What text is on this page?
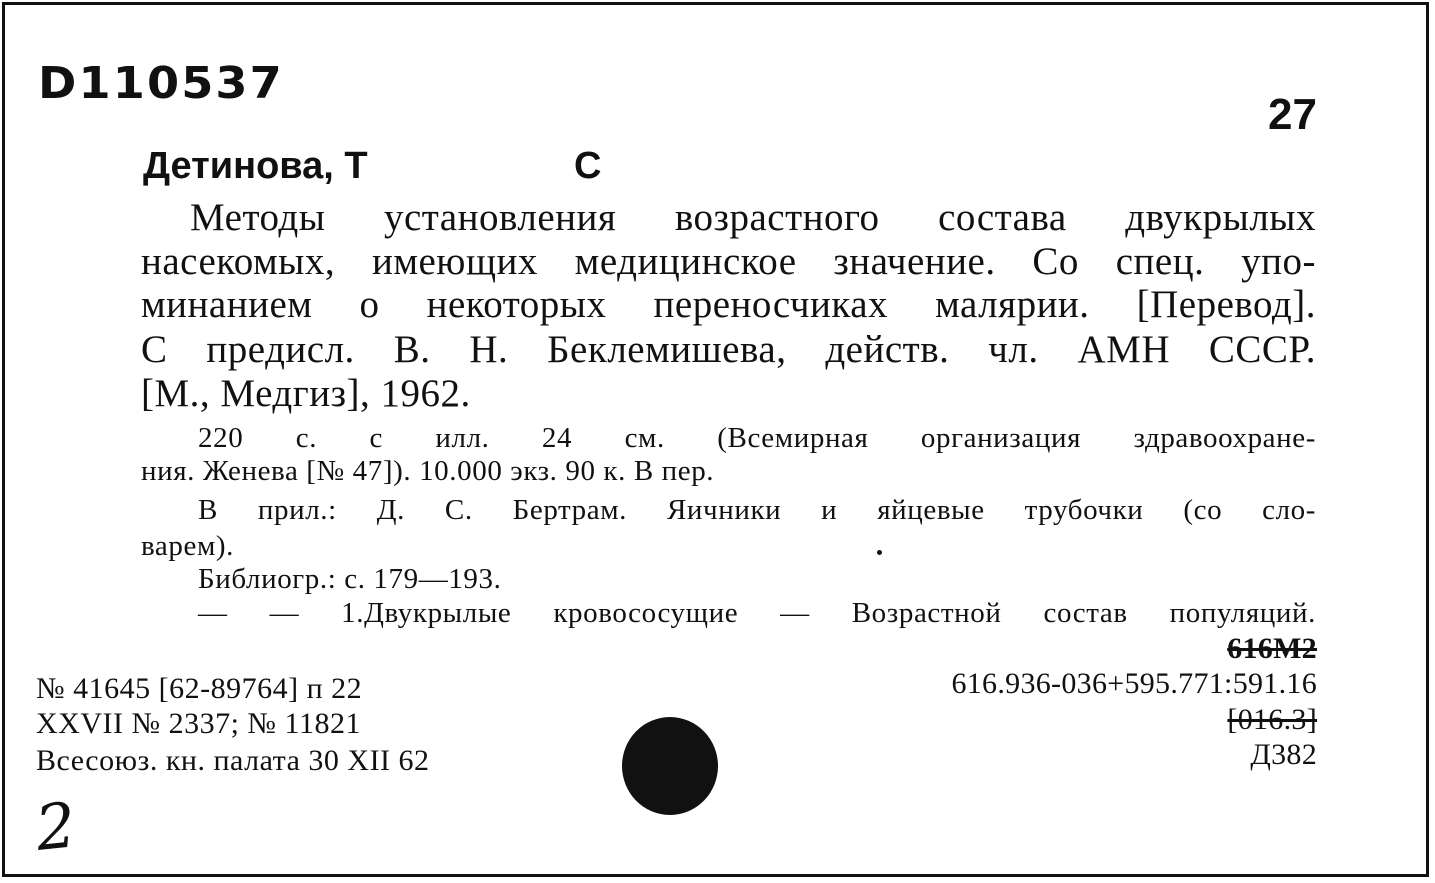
D110537
27
Детинова, Т	С
Методы установления возрастного состава двукрылых
насекомых, имеющих медицинское значение. Со спец. упо-
минанием о некоторых переносчиках малярии. [Перевод].
С предисл. В. Н. Беклемишева, действ. чл. АМН СССР.
[М., Медгиз], 1962.
220 с. с илл. 24 см. (Всемирная организация здравоохране-
ния. Женева [№ 47]). 10.000 экз. 90 к. В пер.
В прил.: Д. С. Бертрам. Яичники и яйцевые трубочки (со сло-
варем).
Библиогр.: с. 179—193.
— — 1.Двукрылые кровососущие — Возрастной состав популяций.
616M2
616.936-036+595.771:591.16
[016.3]
Д382
№ 41645 [62-89764] п 22
XXVII № 2337; № 11821
Всесоюз. кн. палата 30 XII 62
2
